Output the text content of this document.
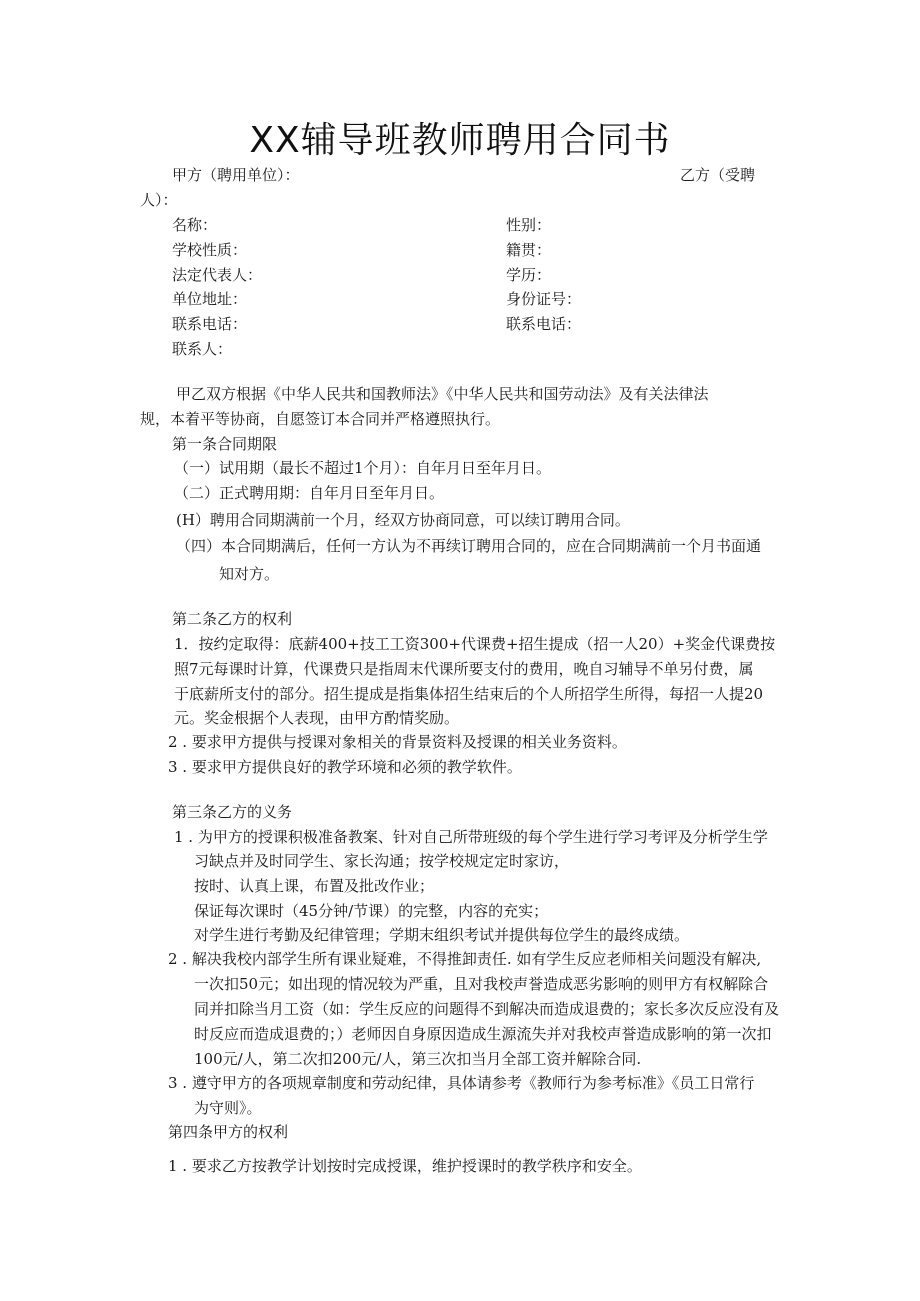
XX辅导班教师聘用合同书
甲方（聘用单位）：	乙方（受聘
人）：
名称：
学校性质：
法定代表人：
单位地址：
联系电话：
联系人：
性别：
籍贯：
学历：
身份证号：
联系电话：
甲乙双方根据《中华人民共和国教师法》《中华人民共和国劳动法》及有关法律法
规，本着平等协商，自愿签订本合同并严格遵照执行。
第一条合同期限
（一）试用期（最长不超过1个月）：自年月日至年月日。
（二）正式聘用期：自年月日至年月日。
(H）聘用合同期满前一个月，经双方协商同意，可以续订聘用合同。
（四）本合同期满后，任何一方认为不再续订聘用合同的，应在合同期满前一个月书面通
知对方。
第二条乙方的权利
1．按约定取得：底薪400+技工工资300+代课费+招生提成（招一人20）+奖金代课费按
照7元每课时计算，代课费只是指周末代课所要支付的费用，晚自习辅导不单另付费，属
于底薪所支付的部分。招生提成是指集体招生结束后的个人所招学生所得，每招一人提20
元。奖金根据个人表现，由甲方酌情奖励。
2 . 要求甲方提供与授课对象相关的背景资料及授课的相关业务资料。
3 . 要求甲方提供良好的教学环境和必须的教学软件。
第三条乙方的义务
1 . 为甲方的授课积极准备教案、针对自己所带班级的每个学生进行学习考评及分析学生学
习缺点并及时同学生、家长沟通；按学校规定定时家访，
按时、认真上课，布置及批改作业；
保证每次课时（45分钟/节课）的完整，内容的充实；
对学生进行考勤及纪律管理；学期末组织考试并提供每位学生的最终成绩。
2 . 解决我校内部学生所有课业疑难，不得推卸责任. 如有学生反应老师相关问题没有解决,
一次扣50元；如出现的情况较为严重，且对我校声誉造成恶劣影响的则甲方有权解除合
同并扣除当月工资（如：学生反应的问题得不到解决而造成退费的；家长多次反应没有及
时反应而造成退费的；）老师因自身原因造成生源流失并对我校声誉造成影响的第一次扣
100元/人，第二次扣200元/人，第三次扣当月全部工资并解除合同.
3 . 遵守甲方的各项规章制度和劳动纪律，具体请参考《教师行为参考标准》《员工日常行
为守则》。
第四条甲方的权利
1 . 要求乙方按教学计划按时完成授课，维护授课时的教学秩序和安全。
